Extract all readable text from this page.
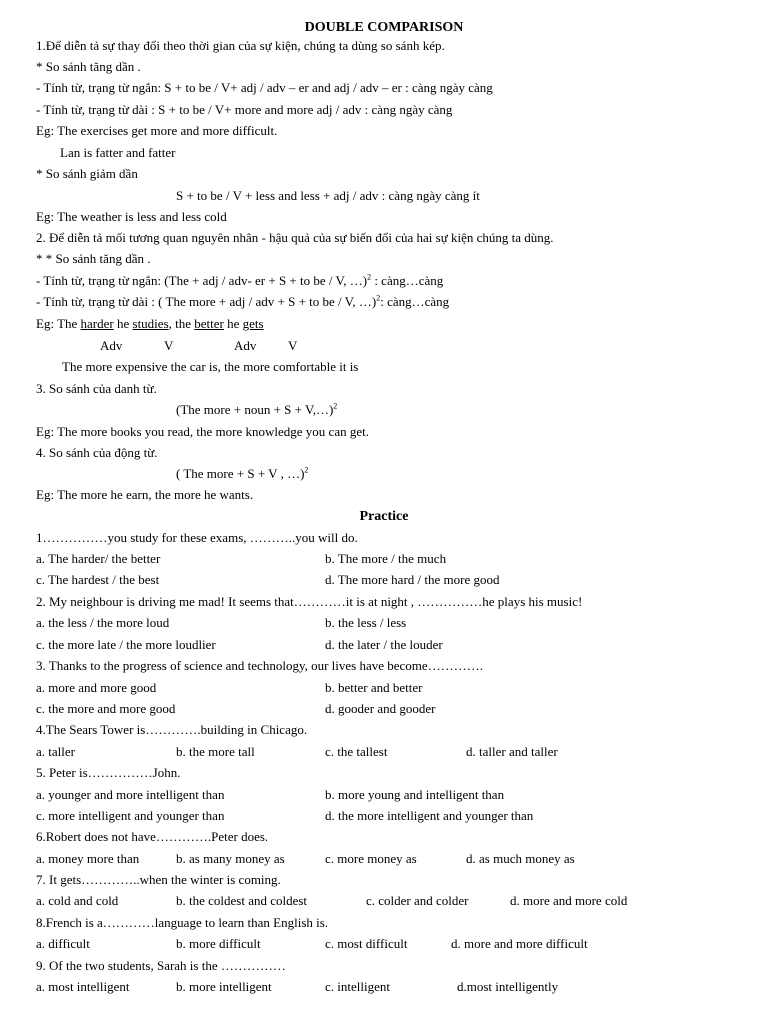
DOUBLE COMPARISON
1.Để diễn tả sự thay đổi theo thời gian của sự kiện, chúng ta dùng so sánh kép.
* So sánh tăng dần .
- Tính từ, trạng từ ngắn: S + to be / V+ adj / adv – er and adj / adv – er : càng ngày càng
- Tính từ, trạng từ dài : S + to be / V+ more and more adj / adv : càng ngày càng
Eg: The exercises get more and more difficult.
Lan is fatter and fatter
* So sánh giảm dần
S + to be / V + less and less + adj / adv : càng ngày càng ít
Eg: The weather is less and less cold
2. Để diễn tả mối tương quan nguyên nhân - hậu quả của sự biến đổi của hai sự kiện chúng ta dùng.
* * So sánh tăng dần .
- Tính từ, trạng từ ngắn: (The + adj / adv- er + S + to be / V, …)$^2$ : càng…càng
- Tính từ, trạng từ dài : ( The more + adj / adv + S + to be / V, …)$^2$: càng…càng
Eg: The harder he studies, the better he gets
Adv	V	Adv V
The more expensive the car is, the more comfortable it is
3. So sánh của danh từ.
(The more + noun + S + V,…)$^2$
Eg: The more books you read, the more knowledge you can get.
4. So sánh của động từ.
( The more + S + V , …)$^2$
Eg: The more he earn, the more he wants.
Practice
1……………you study for these exams, ………..you will do.
a. The harder/ the better	b. The more / the much
c. The hardest / the best	d. The more hard / the more good
2. My neighbour is driving me mad! It seems that…………it is at night , ……………he plays his music!
a. the less / the more loud	b. the less / less
c. the more late / the more loudlier	d. the later / the louder
3. Thanks to the progress of science and technology, our lives have become………….
a. more and more good	b. better and better
c. the more and more good	d. gooder and gooder
4.The Sears Tower is………….building in Chicago.
a. taller	b. the more tall	c. the tallest	d. taller and taller
5. Peter is……………John.
a. younger and more intelligent than	b. more young and intelligent than
c. more intelligent and younger than	d. the more intelligent and younger than
6.Robert does not have………….Peter does.
a. money more than	b. as many money as	c. more money as	d. as much money as
7. It gets…………..when the winter is coming.
a. cold and cold	b. the coldest and coldest	c. colder and colder	d. more and more cold
8.French is a…………language to learn than English is.
a. difficult	b. more difficult	c. most difficult	d. more and more difficult
9. Of the two students, Sarah is the ……………
a. most intelligent	b. more intelligent	c. intelligent	d.most intelligently
